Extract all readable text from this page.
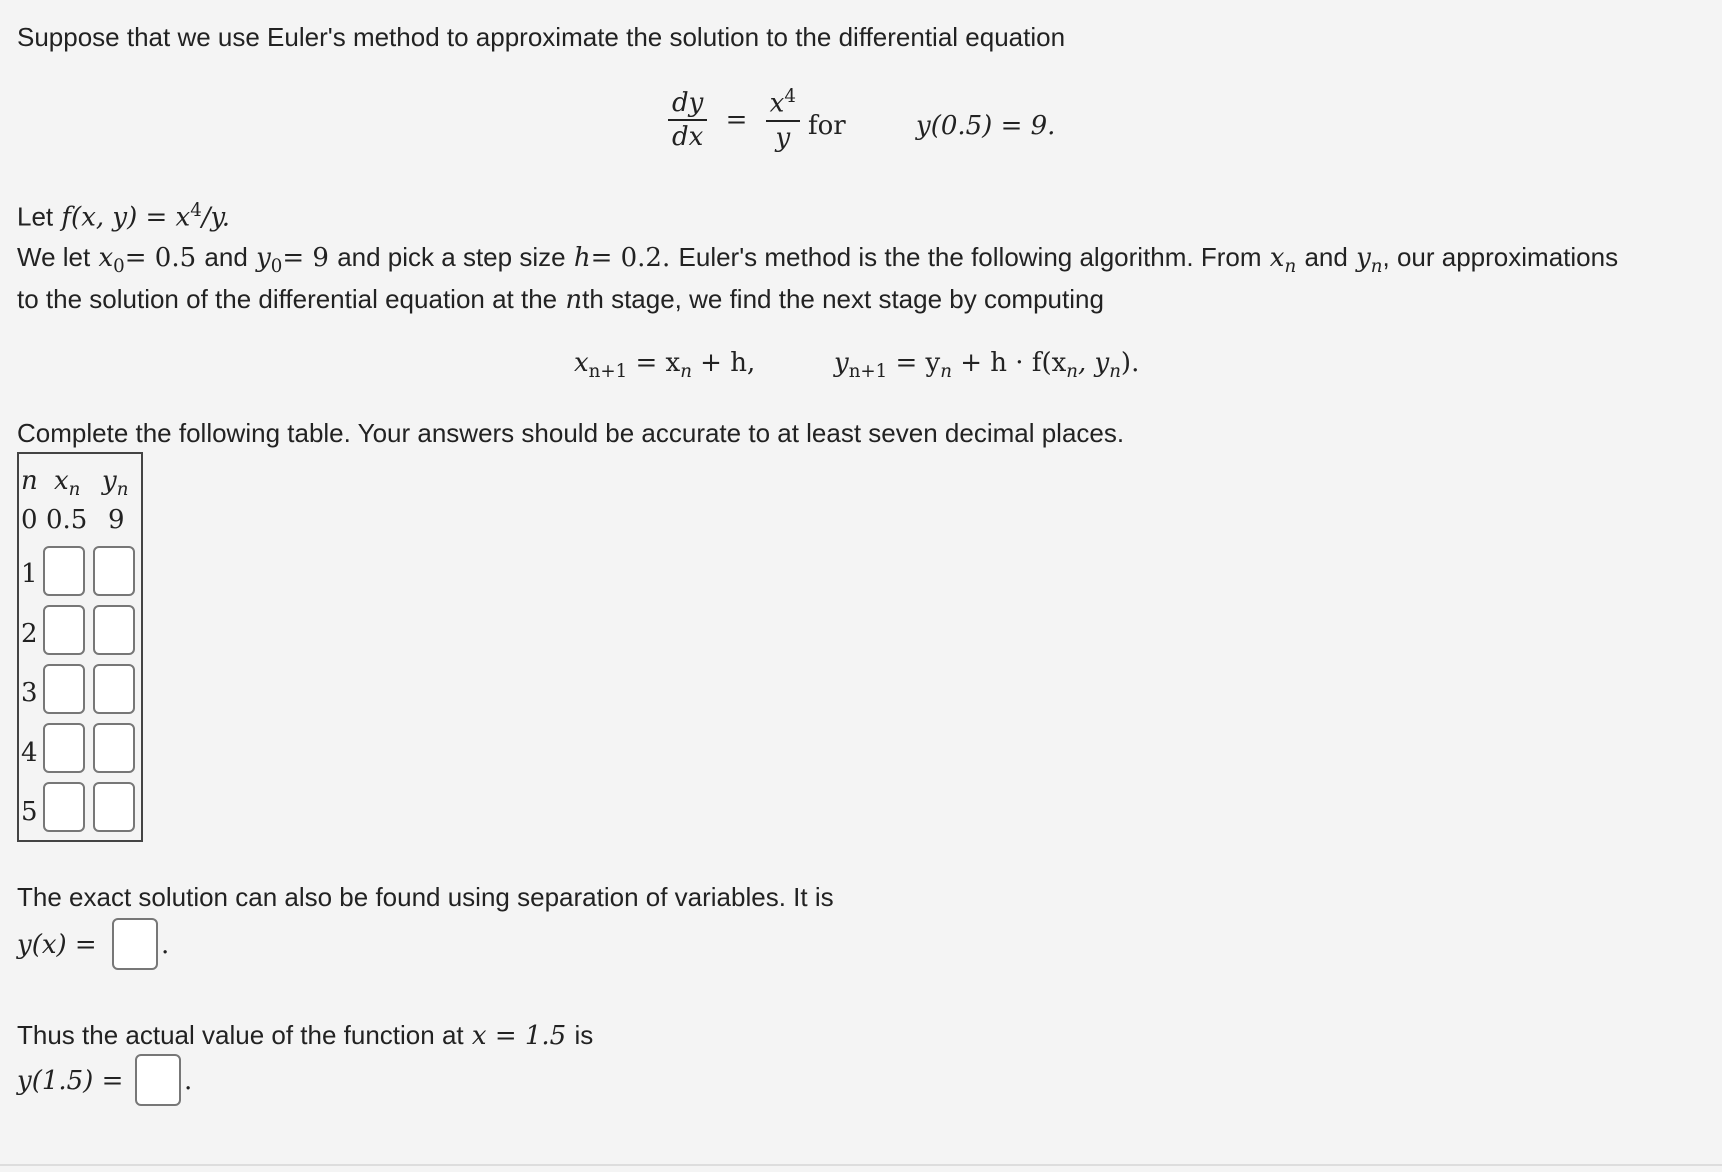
Suppose that we use Euler's method to approximate the solution to the differential equation
$\frac{dy}{dx} = \frac{x^4}{y}$ for	y(0.5) = 9.
Let f(x, $y) = x^4/y$.
We let $x_0= 0.5$ and $y_0= 9$ and pick a step size h= 0.2. Euler's method is the the following algorithm. From $x_n$ and $y_n$, our approximations
to the solution of the differential equation at the nth stage, we find the next stage by computing
$x_{n+1} = x_n + h$,	$y_{n+1} = y_n + h \cdot f(x_n$, $y_n$).
Complete the following table. Your answers should be accurate to at least seven decimal places.
n $x_n$ $y_n$
0 0.5 9
1
2
3
4
5
The exact solution can also be found using separation of variables. It is
y(x) = .
Thus the actual value of the function at x = 1.5 is
y(1.5) = .
